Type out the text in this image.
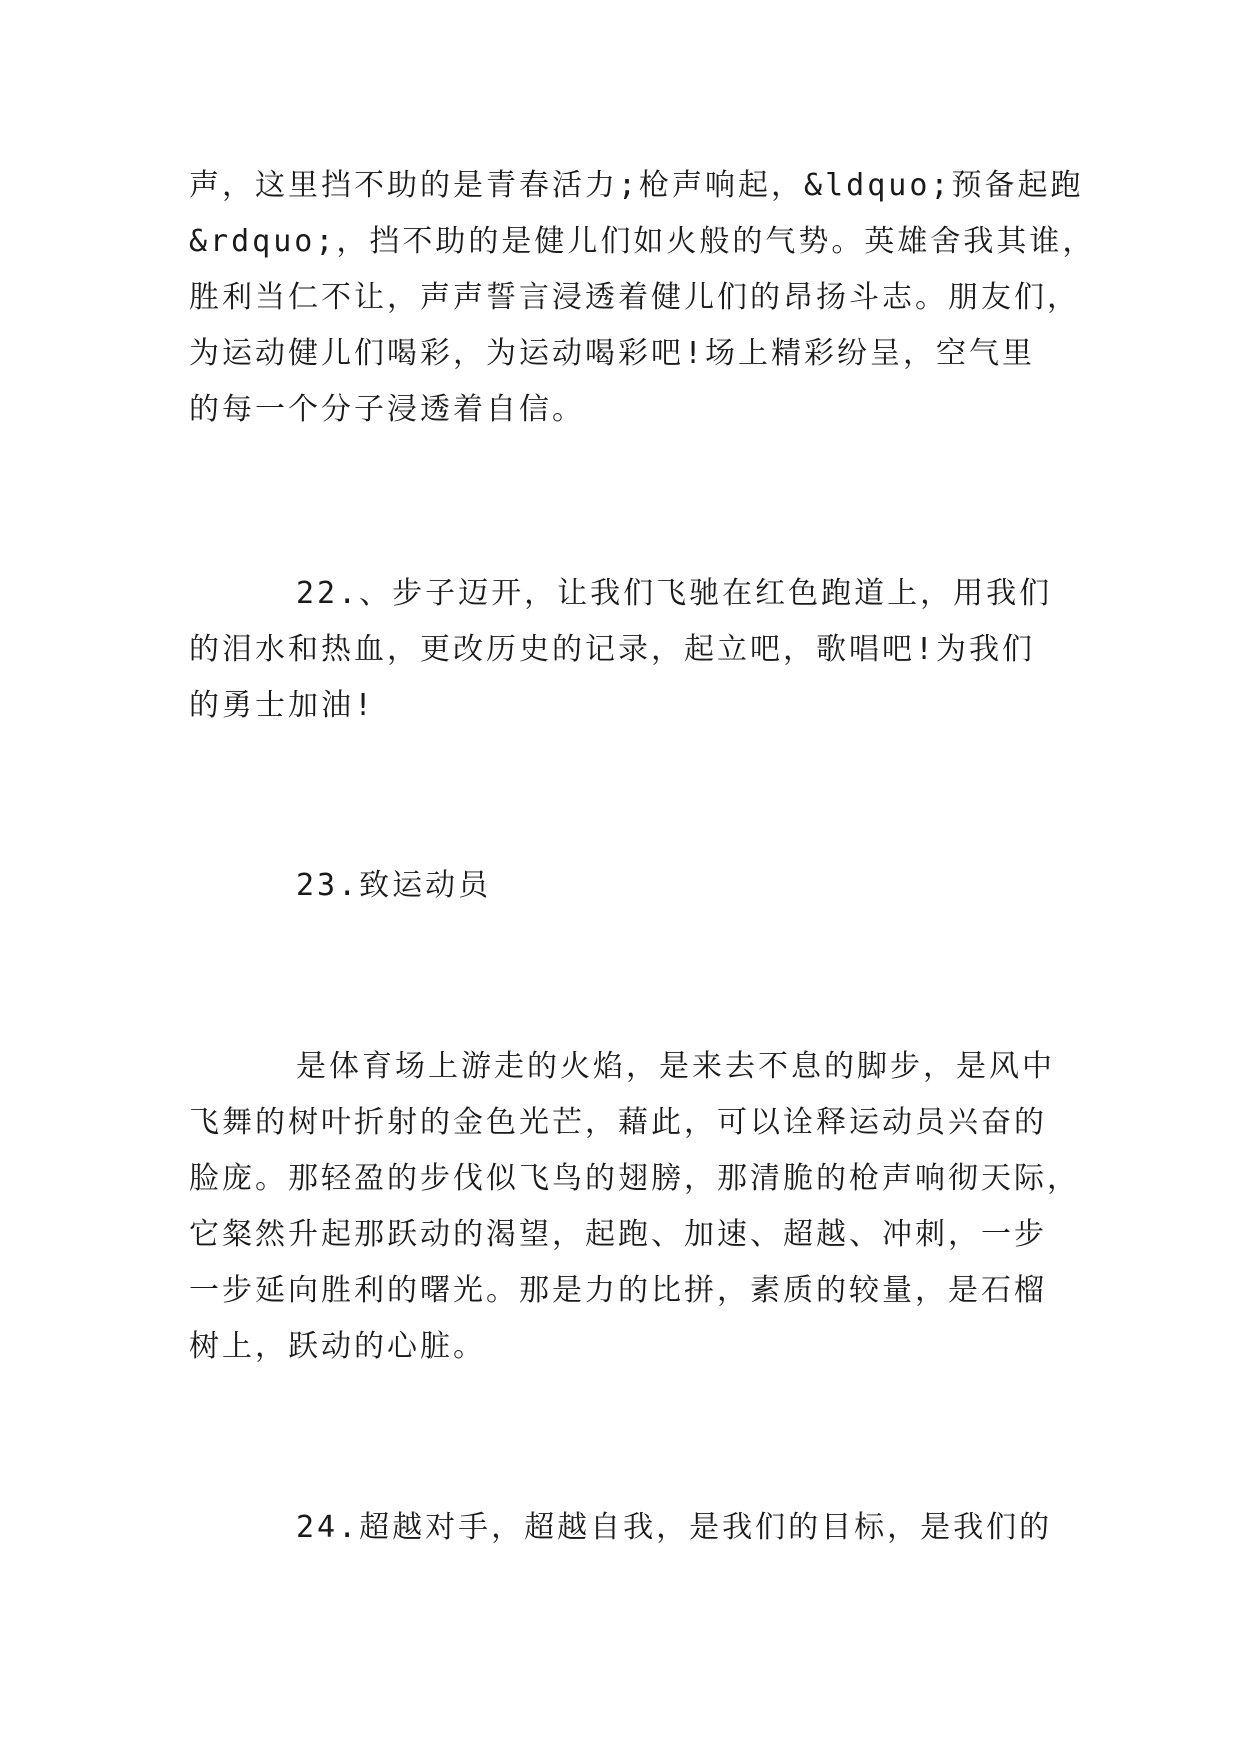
声，这里挡不助的是青春活力;枪声响起，&ldquo;预备起跑
&rdquo;，挡不助的是健儿们如火般的气势。英雄舍我其谁，
胜利当仁不让，声声誓言浸透着健儿们的昂扬斗志。朋友们，
为运动健儿们喝彩，为运动喝彩吧!场上精彩纷呈，空气里
的每一个分子浸透着自信。
22.、步子迈开，让我们飞驰在红色跑道上，用我们
的泪水和热血，更改历史的记录，起立吧，歌唱吧!为我们
的勇士加油!
23.致运动员
是体育场上游走的火焰，是来去不息的脚步，是风中
飞舞的树叶折射的金色光芒，藉此，可以诠释运动员兴奋的
脸庞。那轻盈的步伐似飞鸟的翅膀，那清脆的枪声响彻天际，
它粲然升起那跃动的渴望，起跑、加速、超越、冲刺，一步
一步延向胜利的曙光。那是力的比拼，素质的较量，是石榴
树上，跃动的心脏。
24.超越对手，超越自我，是我们的目标，是我们的
